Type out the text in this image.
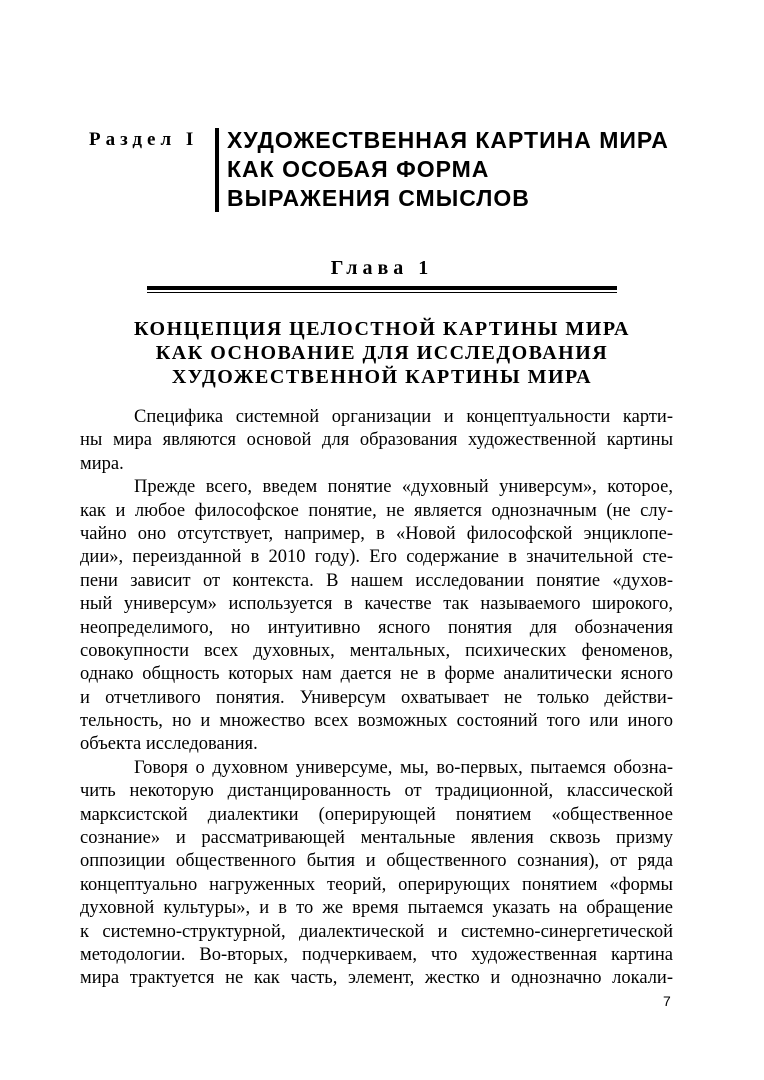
Раздел I ХУДОЖЕСТВЕННАЯ КАРТИНА МИРА
КАК ОСОБАЯ ФОРМА
ВЫРАЖЕНИЯ СМЫСЛОВ
Глава 1
КОНЦЕПЦИЯ ЦЕЛОСТНОЙ КАРТИНЫ МИРА
КАК ОСНОВАНИЕ ДЛЯ ИССЛЕДОВАНИЯ
ХУДОЖЕСТВЕННОЙ КАРТИНЫ МИРА
Специфика системной организации и концептуальности карти-
ны мира являются основой для образования художественной картины
мира.
Прежде всего, введем понятие «духовный универсум», которое,
как и любое философское понятие, не является однозначным (не слу-
чайно оно отсутствует, например, в «Новой философской энциклопе-
дии», переизданной в 2010 году). Его содержание в значительной сте-
пени зависит от контекста. В нашем исследовании понятие «духов-
ный универсум» используется в качестве так называемого широкого,
неопределимого, но интуитивно ясного понятия для обозначения
совокупности всех духовных, ментальных, психических феноменов,
однако общность которых нам дается не в форме аналитически ясного
и отчетливого понятия. Универсум охватывает не только действи-
тельность, но и множество всех возможных состояний того или иного
объекта исследования.
Говоря о духовном универсуме, мы, во-первых, пытаемся обозна-
чить некоторую дистанцированность от традиционной, классической
марксистской диалектики (оперирующей понятием «общественное
сознание» и рассматривающей ментальные явления сквозь призму
оппозиции общественного бытия и общественного сознания), от ряда
концептуально нагруженных теорий, оперирующих понятием «формы
духовной культуры», и в то же время пытаемся указать на обращение
к системно-структурной, диалектической и системно-синергетической
методологии. Во-вторых, подчеркиваем, что художественная картина
мира трактуется не как часть, элемент, жестко и однозначно локали-
7
